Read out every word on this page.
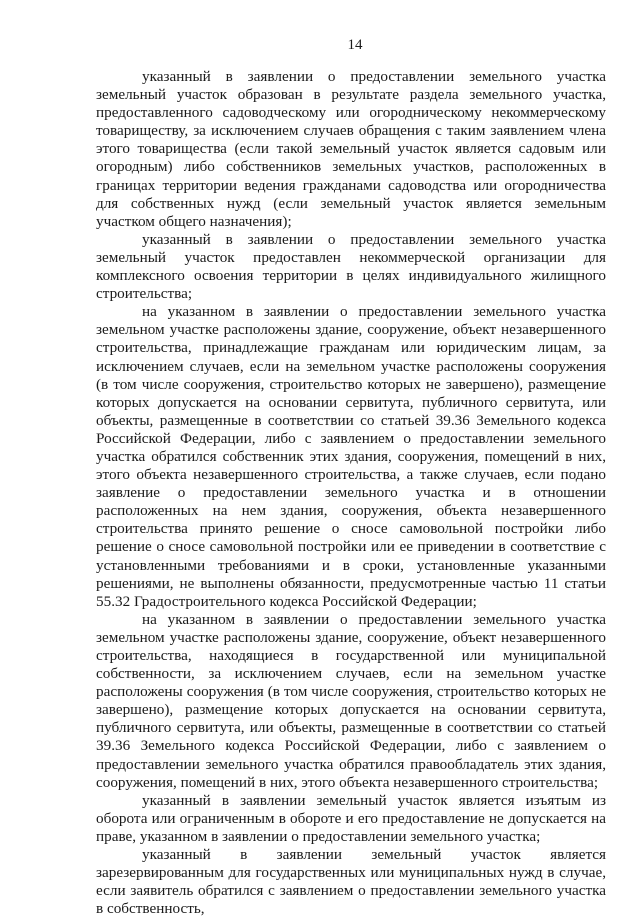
14

указанный в заявлении о предоставлении земельного участка земельный участок образован в результате раздела земельного участка, предоставленного садоводческому или огородническому некоммерческому товариществу, за исключением случаев обращения с таким заявлением члена этого товарищества (если такой земельный участок является садовым или огородным) либо собственников земельных участков, расположенных в границах территории ведения гражданами садоводства или огородничества для собственных нужд (если земельный участок является земельным участком общего назначения);

указанный в заявлении о предоставлении земельного участка земельный участок предоставлен некоммерческой организации для комплексного освоения территории в целях индивидуального жилищного строительства;

на указанном в заявлении о предоставлении земельного участка земельном участке расположены здание, сооружение, объект незавершенного строительства, принадлежащие гражданам или юридическим лицам, за исключением случаев, если на земельном участке расположены сооружения (в том числе сооружения, строительство которых не завершено), размещение которых допускается на основании сервитута, публичного сервитута, или объекты, размещенные в соответствии со статьей 39.36 Земельного кодекса Российской Федерации, либо с заявлением о предоставлении земельного участка обратился собственник этих здания, сооружения, помещений в них, этого объекта незавершенного строительства, а также случаев, если подано заявление о предоставлении земельного участка и в отношении расположенных на нем здания, сооружения, объекта незавершенного строительства принято решение о сносе самовольной постройки либо решение о сносе самовольной постройки или ее приведении в соответствие с установленными требованиями и в сроки, установленные указанными решениями, не выполнены обязанности, предусмотренные частью 11 статьи 55.32 Градостроительного кодекса Российской Федерации;

на указанном в заявлении о предоставлении земельного участка земельном участке расположены здание, сооружение, объект незавершенного строительства, находящиеся в государственной или муниципальной собственности, за исключением случаев, если на земельном участке расположены сооружения (в том числе сооружения, строительство которых не завершено), размещение которых допускается на основании сервитута, публичного сервитута, или объекты, размещенные в соответствии со статьей 39.36 Земельного кодекса Российской Федерации, либо с заявлением о предоставлении земельного участка обратился правообладатель этих здания, сооружения, помещений в них, этого объекта незавершенного строительства;

указанный в заявлении земельный участок является изъятым из оборота или ограниченным в обороте и его предоставление не допускается на праве, указанном в заявлении о предоставлении земельного участка;

указанный в заявлении земельный участок является зарезервированным для государственных или муниципальных нужд в случае, если заявитель обратился с заявлением о предоставлении земельного участка в собственность,
